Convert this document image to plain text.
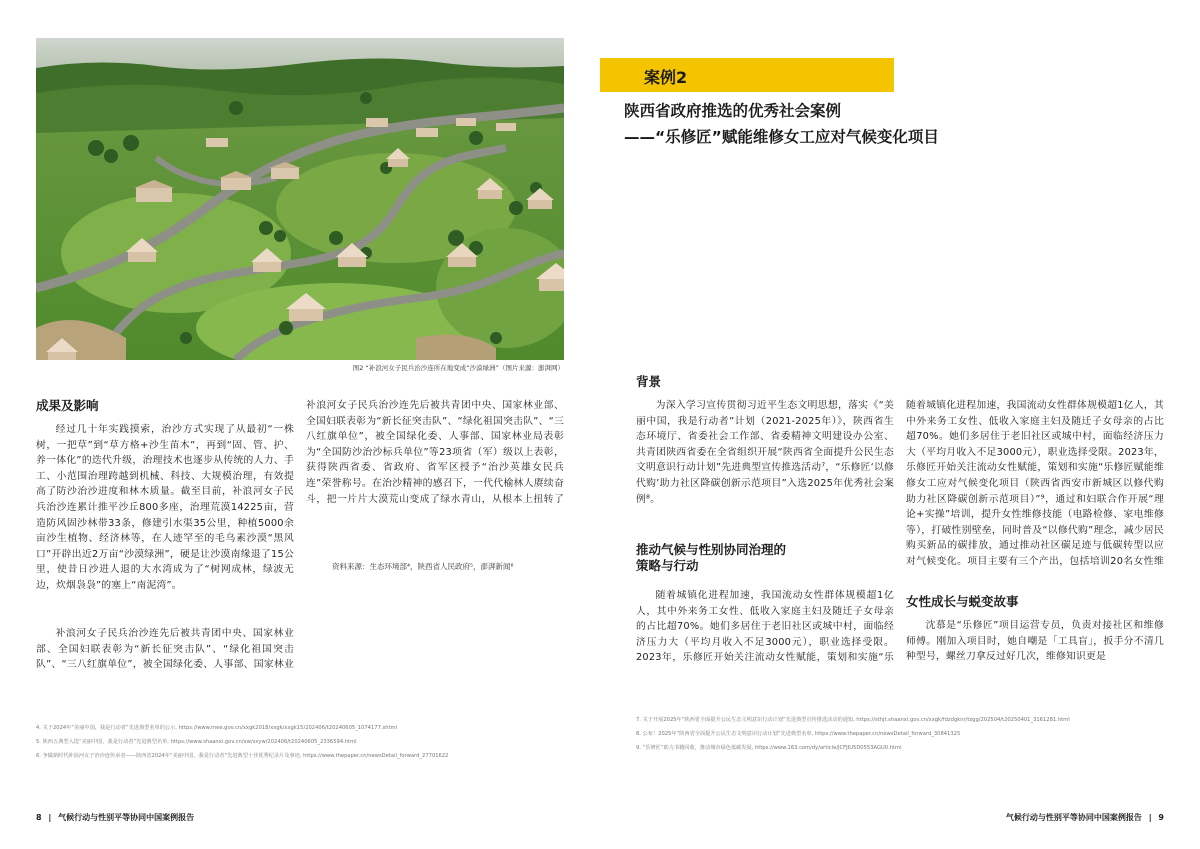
图2 “补浪河女子民兵治沙连所在地变成“沙漠绿洲”（图片来源：澎湃网）
成果及影响

经过几十年实践摸索，治沙方式实现了从最初“一株树，一把草”到“草方格+沙生苗木”，再到“固、管、护、养一体化”的迭代升级，治理技术也逐步从传统的人力、手工、小范围治理跨越到机械、科技、大规模治理，有效提高了防沙治沙进度和林木质量。截至目前，补浪河女子民兵治沙连累计推平沙丘800多座，治理荒漠14225亩，营造防风固沙林带33条，修建引水渠35公里，种植5000余亩沙生植物、经济林等，在人迹罕至的毛乌素沙漠“黑风口”开辟出近2万亩“沙漠绿洲”，硬是让沙漠南缘退了15公里，使昔日沙进人退的大水湾成为了“树网成林，绿波无边，炊烟袅袅”的塞上“南泥湾”。

补浪河女子民兵治沙连先后被共青团中央、国家林业部、全国妇联表彰为“新长征突击队”、“绿化祖国突击队”、“三八红旗单位”，被全国绿化委、人事部、国家林业局表彰为“全国防沙治沙标兵单位”等23项省（军）级以上表彰，获得陕西省委、省政府、省军区授予“治沙英雄女民兵连”荣誉称号。在治沙精神的感召下，一代代榆林人赓续奋斗，把一片片大漠荒山变成了绿水青山，从根本上扭转了

补浪河女子民兵治沙连先后被共青团中央、国家林业部、全国妇联表彰为“新长征突击队”、“绿化祖国突击队”、“三八红旗单位”，被全国绿化委、人事部、国家林业

资料来源：生态环境部⁴，陕西省人民政府⁵，澎湃新闻⁶
4. 关于2024年“美丽中国，我是行动者”先进典型名单的公示, https://www.mee.gov.cn/xxgk2018/xxgk/xxgk15/202406/t20240605_1074177.shtml
5. 陕西五典型入选“美丽中国，我是行动者”先进典型名单, https://www.shaanxi.gov.cn/xw/sxyw/202406/t20240605_2336594.html
6. 争做新时代补浪河女子治沙连传承者——陕西省2024年“美丽中国，我是行动者”先进典型十佳优秀纪录片及事迹, https://www.thepaper.cn/newsDetail_forward_27701622
8 | 气候行动与性别平等协同中国案例报告
案例2
陕西省政府推选的优秀社会案例
——“乐修匠”赋能维修女工应对气候变化项目
背景

为深入学习宣传贯彻习近平生态文明思想，落实《“美丽中国，我是行动者”计划（2021-2025年）》，陕西省生态环境厅、省委社会工作部、省委精神文明建设办公室、共青团陕西省委在全省组织开展“陕西省全面提升公民生态文明意识行动计划”先进典型宣传推选活动⁷，“乐修匠‘以修代购’助力社区降碳创新示范项目”入选2025年优秀社会案例⁸。

推动气候与性别协同治理的
策略与行动

随着城镇化进程加速，我国流动女性群体规模超1亿人，其中外来务工女性、低收入家庭主妇及随迁子女母亲的占比超70%。她们多居住于老旧社区或城中村，面临经济压力大（平均月收入不足3000元），职业选择受限。2023年，乐修匠开始关注流动女性赋能，策划和实施“乐

随着城镇化进程加速，我国流动女性群体规模超1亿人，其中外来务工女性、低收入家庭主妇及随迁子女母亲的占比超70%。她们多居住于老旧社区或城中村，面临经济压力大（平均月收入不足3000元），职业选择受限。2023年，乐修匠开始关注流动女性赋能，策划和实施“乐修匠赋能维修女工应对气候变化项目（陕西省西安市新城区以修代购助力社区降碳创新示范项目）”⁹，通过和妇联合作开展“理论+实操”培训，提升女性维修技能（电路检修、家电维修等），打破性别壁垒，同时普及“以修代购”理念，减少居民购买新品的碳排放，通过推动社区碳足迹与低碳转型以应对气候变化。项目主要有三个产出，包括培训20名女性维

女性成长与蜕变故事

沈慕是“乐修匠”项目运营专员，负责对接社区和维修师傅。刚加入项目时，她自嘲是「工具盲」，扳手分不清几种型号，螺丝刀拿反过好几次，维修知识更是

7. 关于开展2025年“陕西省全面提升公民生态文明意识行动计划”先进典型宣传推选活动的通知, https://sthjt.shaanxi.gov.cn/xxgk/fdzdgknr/tzgg/202504/t20250401_3161281.html
8. 公布！2025年“陕西省全面提升公民生态文明意识行动计划”先进典型名单, https://www.thepaper.cn/newsDetail_forward_30841325
9. “乐修匠”助力书籍回收，推动城市绿色低碳发展, https://www.163.com/dy/article/JCFJIU5D0553AGU0.html
气候行动与性别平等协同中国案例报告 | 9
